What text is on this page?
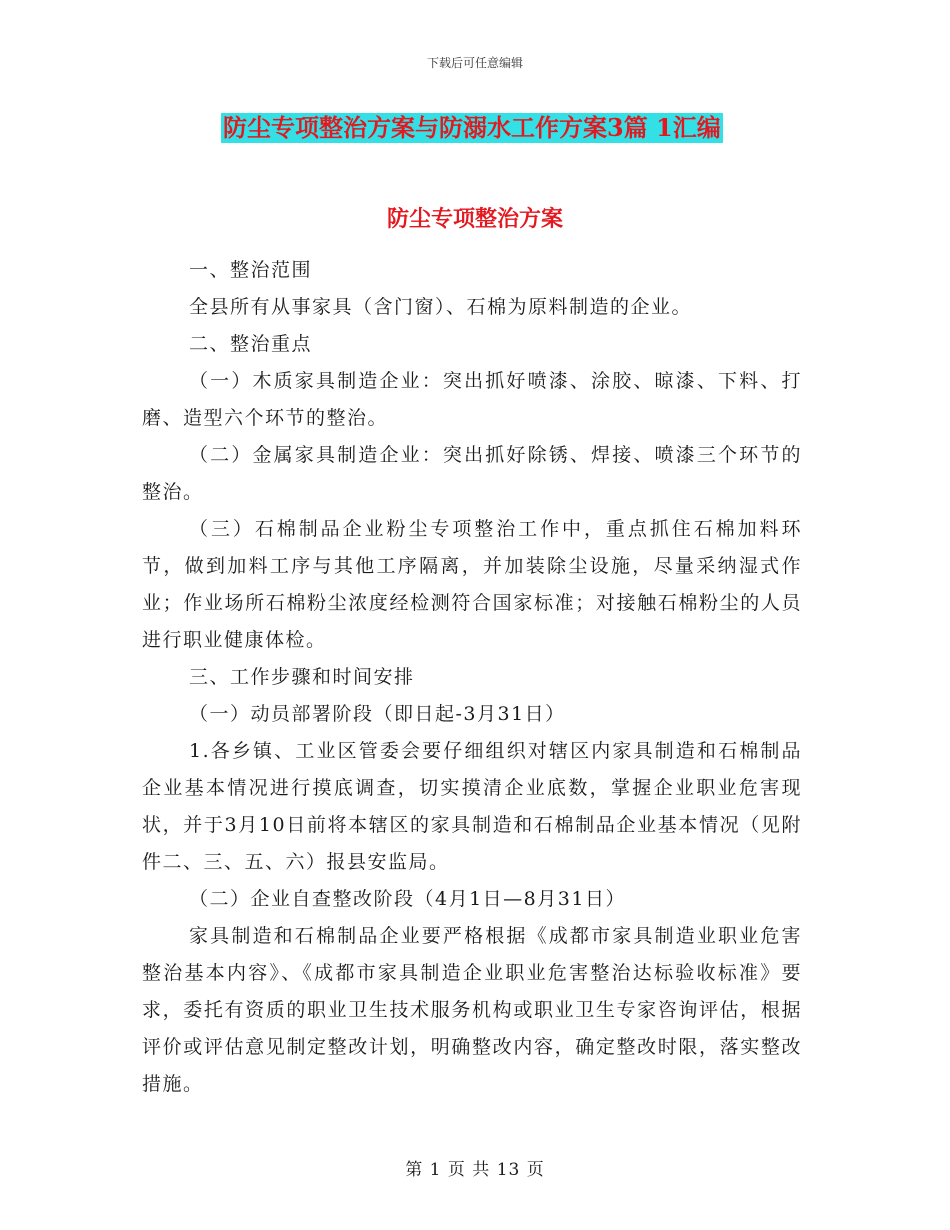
下载后可任意编辑
防尘专项整治方案与防溺水工作方案3篇 1汇编
防尘专项整治方案

一、整治范围

全县所有从事家具（含门窗）、石棉为原料制造的企业。

二、整治重点

（一）木质家具制造企业：突出抓好喷漆、涂胶、晾漆、下料、打磨、造型六个环节的整治。

（二）金属家具制造企业：突出抓好除锈、焊接、喷漆三个环节的整治。

（三）石棉制品企业粉尘专项整治工作中，重点抓住石棉加料环节，做到加料工序与其他工序隔离，并加装除尘设施，尽量采纳湿式作业；作业场所石棉粉尘浓度经检测符合国家标准；对接触石棉粉尘的人员进行职业健康体检。

三、工作步骤和时间安排

（一）动员部署阶段（即日起-3月31日）

1.各乡镇、工业区管委会要仔细组织对辖区内家具制造和石棉制品企业基本情况进行摸底调查，切实摸清企业底数，掌握企业职业危害现状，并于3月10日前将本辖区的家具制造和石棉制品企业基本情况（见附件二、三、五、六）报县安监局。

（二）企业自查整改阶段（4月1日—8月31日）

家具制造和石棉制品企业要严格根据《成都市家具制造业职业危害整治基本内容》、《成都市家具制造企业职业危害整治达标验收标准》要求，委托有资质的职业卫生技术服务机构或职业卫生专家咨询评估，根据评价或评估意见制定整改计划，明确整改内容，确定整改时限，落实整改措施。

第 1 页 共 13 页
